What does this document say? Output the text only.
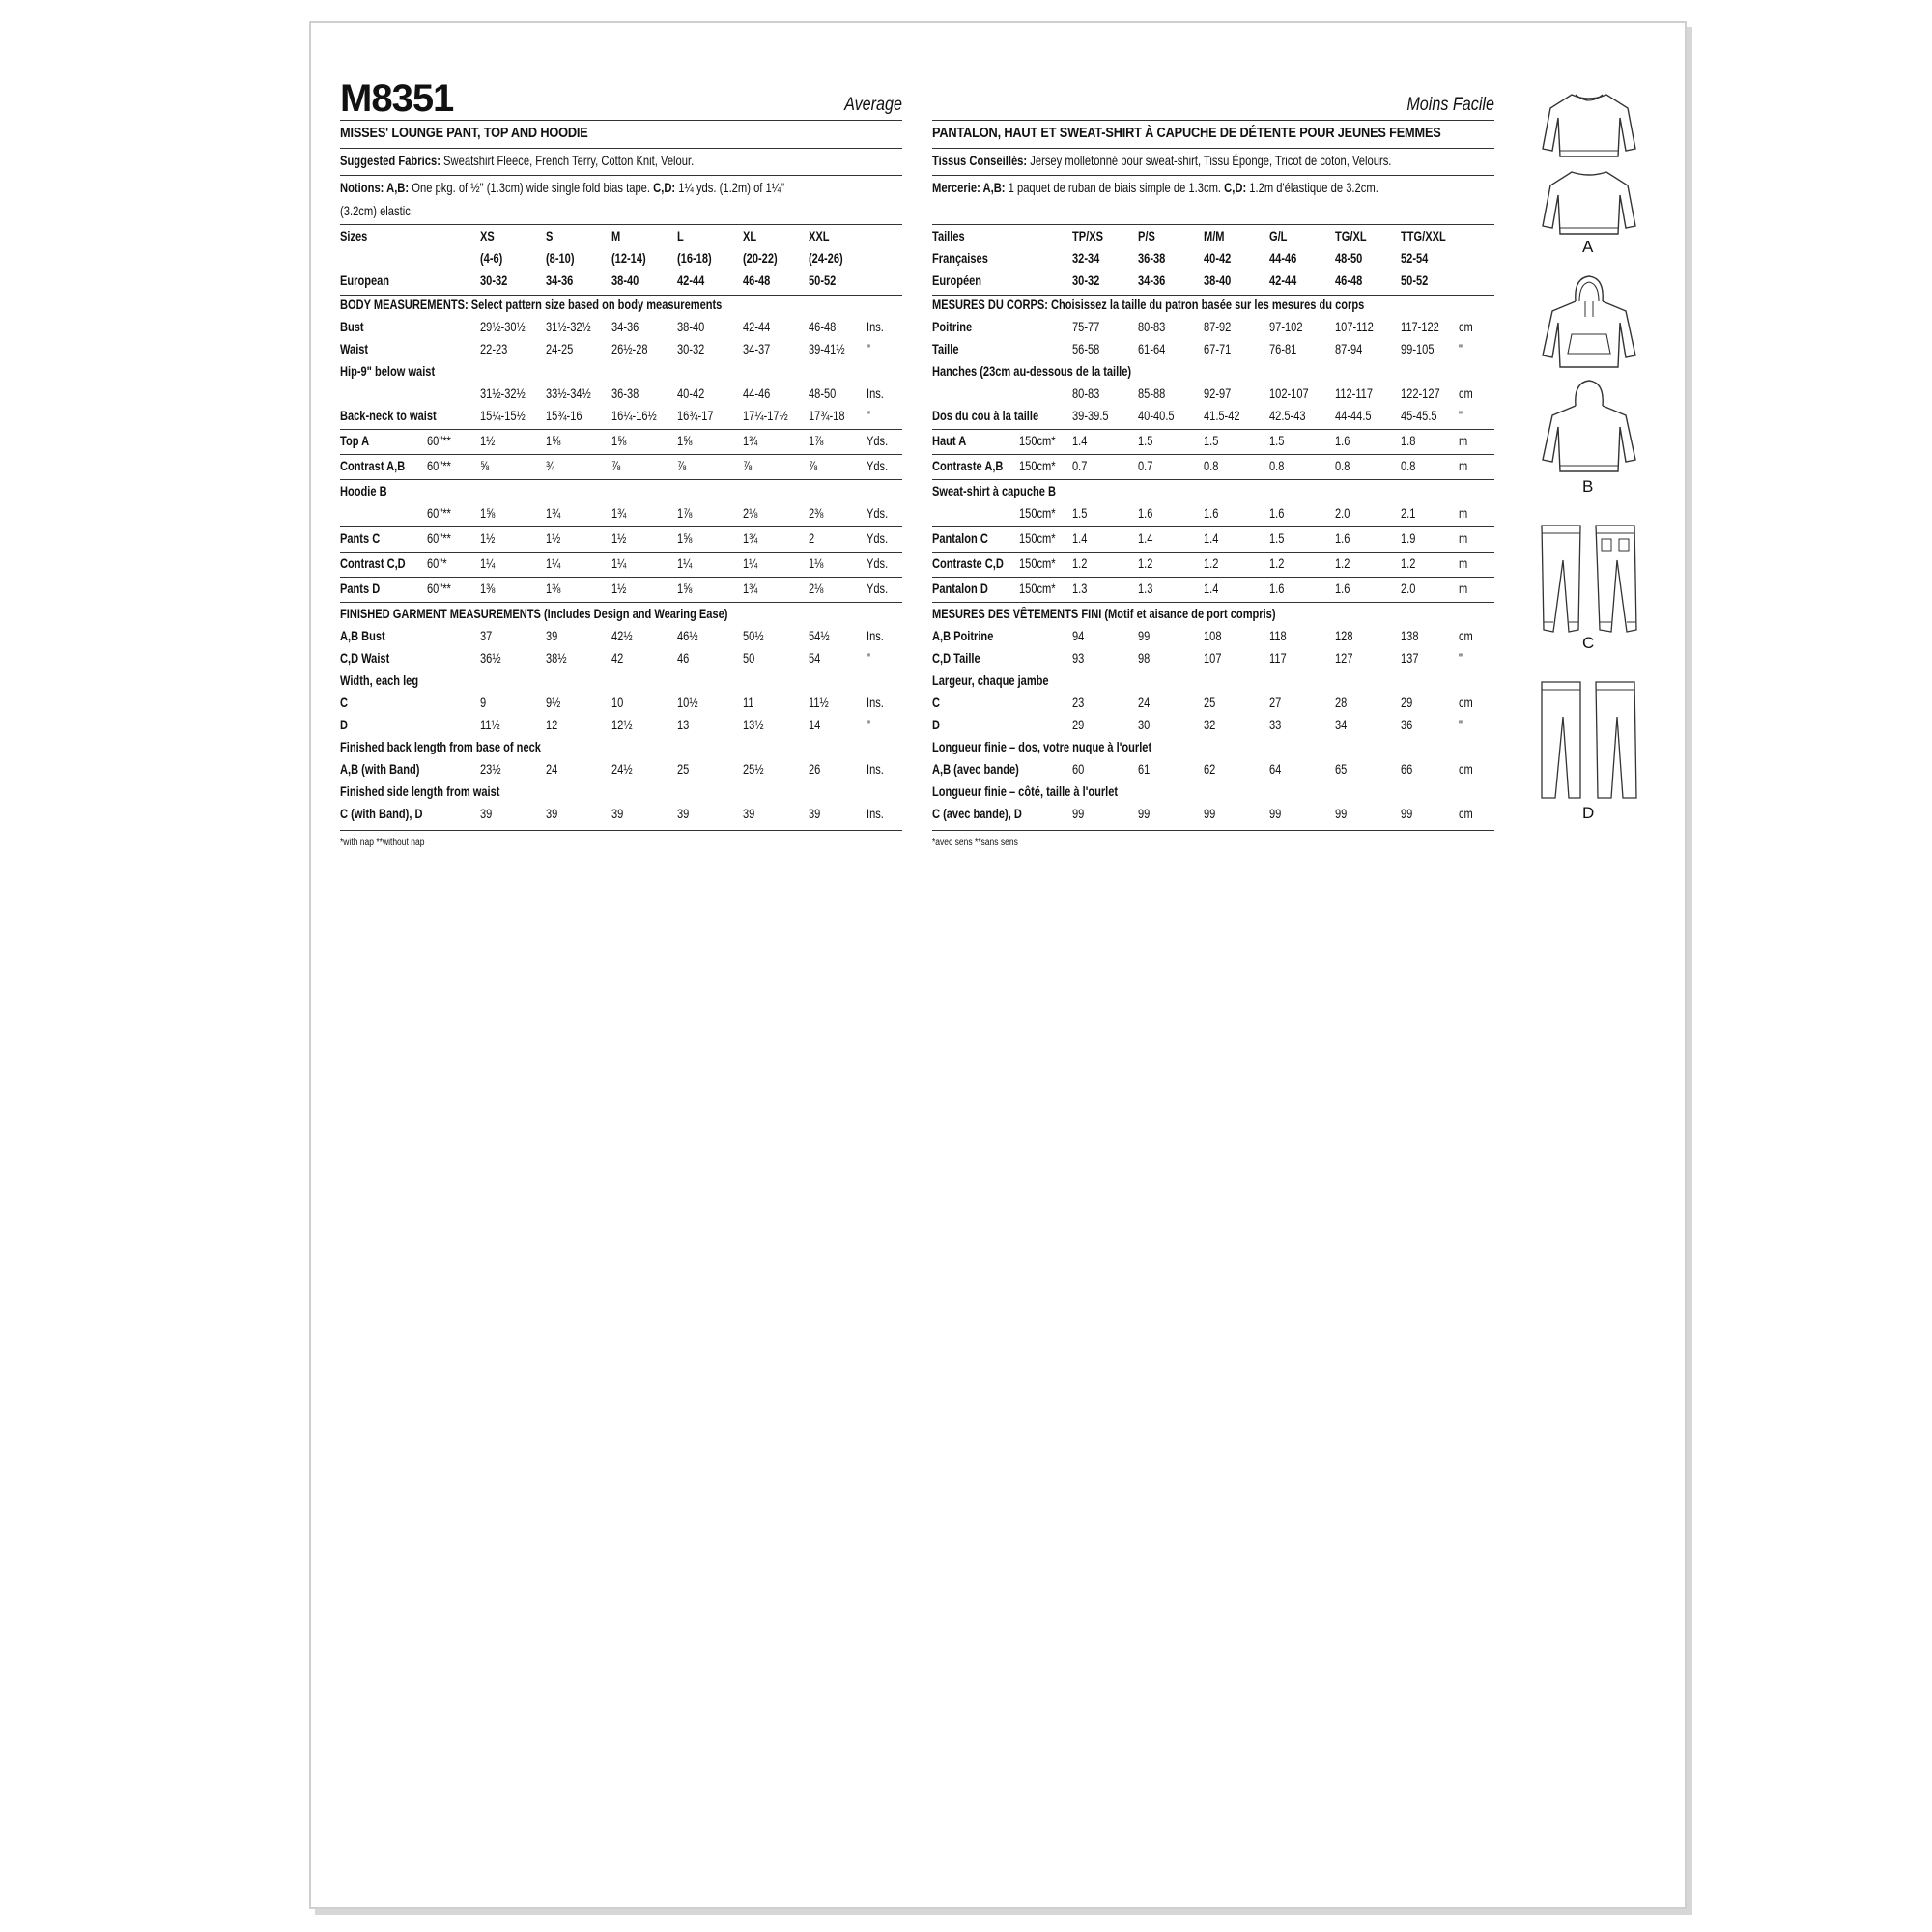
M8351	Average
MISSES' LOUNGE PANT, TOP AND HOODIE
Suggested Fabrics: Sweatshirt Fleece, French Terry, Cotton Knit, Velour.
Notions: A,B: One pkg. of ½" (1.3cm) wide single fold bias tape. C,D: 1¼ yds. (1.2m) of 1¼"
(3.2cm) elastic.
Sizes	XS	S	M	L	XL	XXL
(4-6)	(8-10)	(12-14) (16-18) (20-22) (24-26)
European	30-32	34-36	38-40	42-44	46-48	50-52
BODY MEASUREMENTS: Select pattern size based on body measurements
Bust	29½-30½ 31½-32½ 34-36	38-40	42-44	46-48 Ins.
Waist	22-23	24-25	26½-28 30-32	34-37	39-41½ "
Hip-9" below waist
31½-32½ 33½-34½ 36-38	40-42	44-46	48-50 Ins.
Back-neck to waist	15¼-15½ 15¾-16 16¼-16½ 16¾-17 17¼-17½ 17¾-18 "
Top A	60"** 1½	1⅝	1⅝	1⅝	1¾	1⅞	Yds.
Contrast A,B 60"** ⅝	¾	⅞	⅞	⅞	⅞	Yds.
Hoodie B
60"** 1⅝	1¾	1¾	1⅞	2⅛	2⅜	Yds.
Pants C	60"** 1½	1½	1½	1⅝	1¾	2	Yds.
Contrast C,D 60"*	1¼	1¼	1¼	1¼	1¼	1⅛	Yds.
Pants D	60"** 1⅜	1⅜	1½	1⅝	1¾	2⅛	Yds.
FINISHED GARMENT MEASUREMENTS (Includes Design and Wearing Ease)
A,B Bust	37	39	42½	46½	50½	54½	Ins.
C,D Waist	36½	38½	42	46	50	54	"
Width, each leg
C	9	9½	10	10½	11	11½	Ins.
D	11½	12	12½	13	13½	14	"
Finished back length from base of neck
A,B (with Band)	23½	24	24½	25	25½	26	Ins.
Finished side length from waist
C (with Band), D	39	39	39	39	39	39	Ins.
*with nap **without nap
Moins Facile
PANTALON, HAUT ET SWEAT-SHIRT À CAPUCHE DE DÉTENTE POUR JEUNES FEMMES
Tissus Conseillés: Jersey molletonné pour sweat-shirt, Tissu Éponge, Tricot de coton, Velours.
Mercerie: A,B: 1 paquet de ruban de biais simple de 1.3cm. C,D: 1.2m d'élastique de 3.2cm.
Tailles	TP/XS	P/S	M/M	G/L	TG/XL	TTG/XXL
Françaises	32-34	36-38	40-42	44-46	48-50	52-54
Européen	30-32	34-36	38-40	42-44	46-48	50-52
MESURES DU CORPS: Choisissez la taille du patron basée sur les mesures du corps
Poitrine	75-77	80-83	87-92	97-102 107-112 117-122 cm
Taille	56-58	61-64	67-71	76-81	87-94	99-105 "
Hanches (23cm au-dessous de la taille)
80-83	85-88	92-97	102-107 112-117 122-127 cm
Dos du cou à la taille	39-39.5 40-40.5 41.5-42 42.5-43 44-44.5 45-45.5 "
Haut A	150cm* 1.4	1.5	1.5	1.5	1.6	1.8	m
Contraste A,B 150cm* 0.7	0.7	0.8	0.8	0.8	0.8	m
Sweat-shirt à capuche B
150cm* 1.5	1.6	1.6	1.6	2.0	2.1	m
Pantalon C 150cm* 1.4	1.4	1.4	1.5	1.6	1.9	m
Contraste C,D 150cm* 1.2	1.2	1.2	1.2	1.2	1.2	m
Pantalon D 150cm* 1.3	1.3	1.4	1.6	1.6	2.0	m
MESURES DES VÊTEMENTS FINI (Motif et aisance de port compris)
A,B Poitrine	94	99	108	118	128	138	cm
C,D Taille	93	98	107	117	127	137	"
Largeur, chaque jambe
C	23	24	25	27	28	29	cm
D	29	30	32	33	34	36	"
Longueur finie – dos, votre nuque à l'ourlet
A,B (avec bande)	60	61	62	64	65	66	cm
Longueur finie – côté, taille à l'ourlet
C (avec bande), D	99	99	99	99	99	99	cm
*avec sens **sans sens
A
B
C
D
